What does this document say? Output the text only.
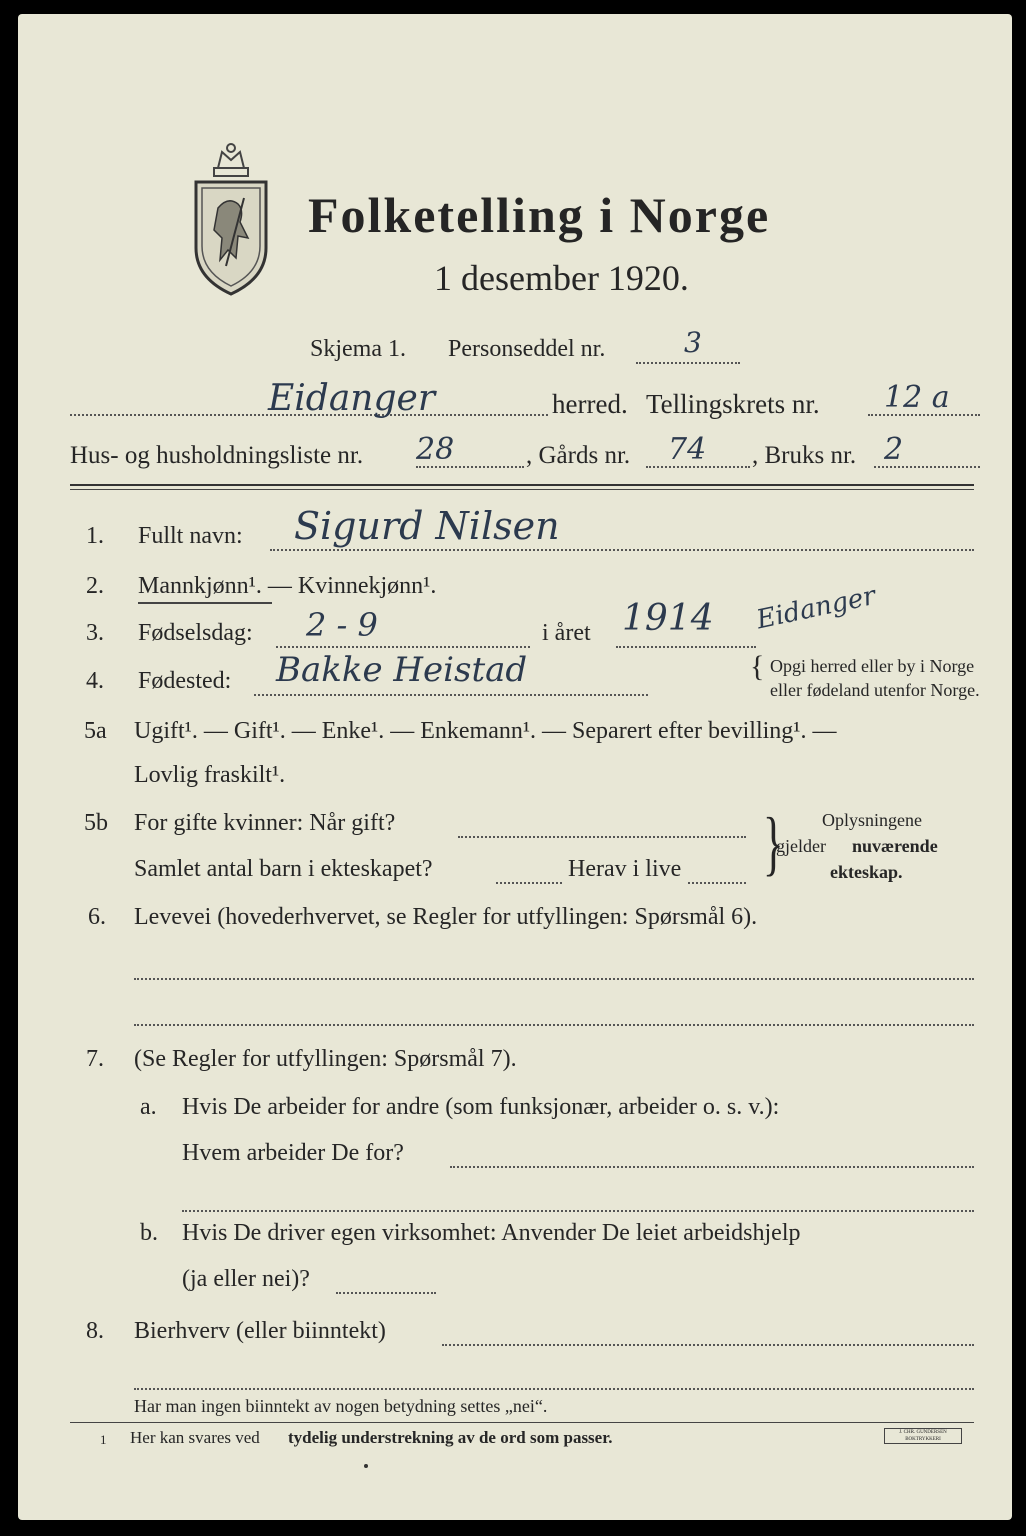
Folketelling i Norge
1 desember 1920.
Skjema 1. Personseddel nr.	3
Eidanger	herred. Tellingskrets nr. 12 a
Hus- og husholdningsliste nr. 28	, Gårds nr. 74 , Bruks nr. 2
1. Fullt navn: Sigurd Nilsen
2. Mannkjønn¹. — Kvinnekjønn¹.
3. Fødselsdag: 2 - 9	i året 1914 Eidanger
4. Fødested: Bakke Heistad	{ Opgi herred eller by i Norge
eller fødeland utenfor Norge.
5a Ugift¹. — Gift¹. — Enke¹. — Enkemann¹. — Separert efter bevilling¹. —
Lovlig fraskilt¹.
5b For gifte kvinner: Når gift?
Samlet antal barn i ekteskapet?	Herav i live } Oplysningene
gjelder nuværende
ekteskap.
6. Levevei (hovederhvervet, se Regler for utfyllingen: Spørsmål 6).
7. (Se Regler for utfyllingen: Spørsmål 7).
a. Hvis De arbeider for andre (som funksjonær, arbeider o. s. v.):
Hvem arbeider De for?
b. Hvis De driver egen virksomhet: Anvender De leiet arbeidshjelp
(ja eller nei)?
8. Bierhverv (eller biinntekt)
Har man ingen biinntekt av nogen betydning settes „nei“.
1 Her kan svares ved tydelig understrekning av de ord som passer.	J. CHR. GUNDERSEN BOKTRYKKERI
